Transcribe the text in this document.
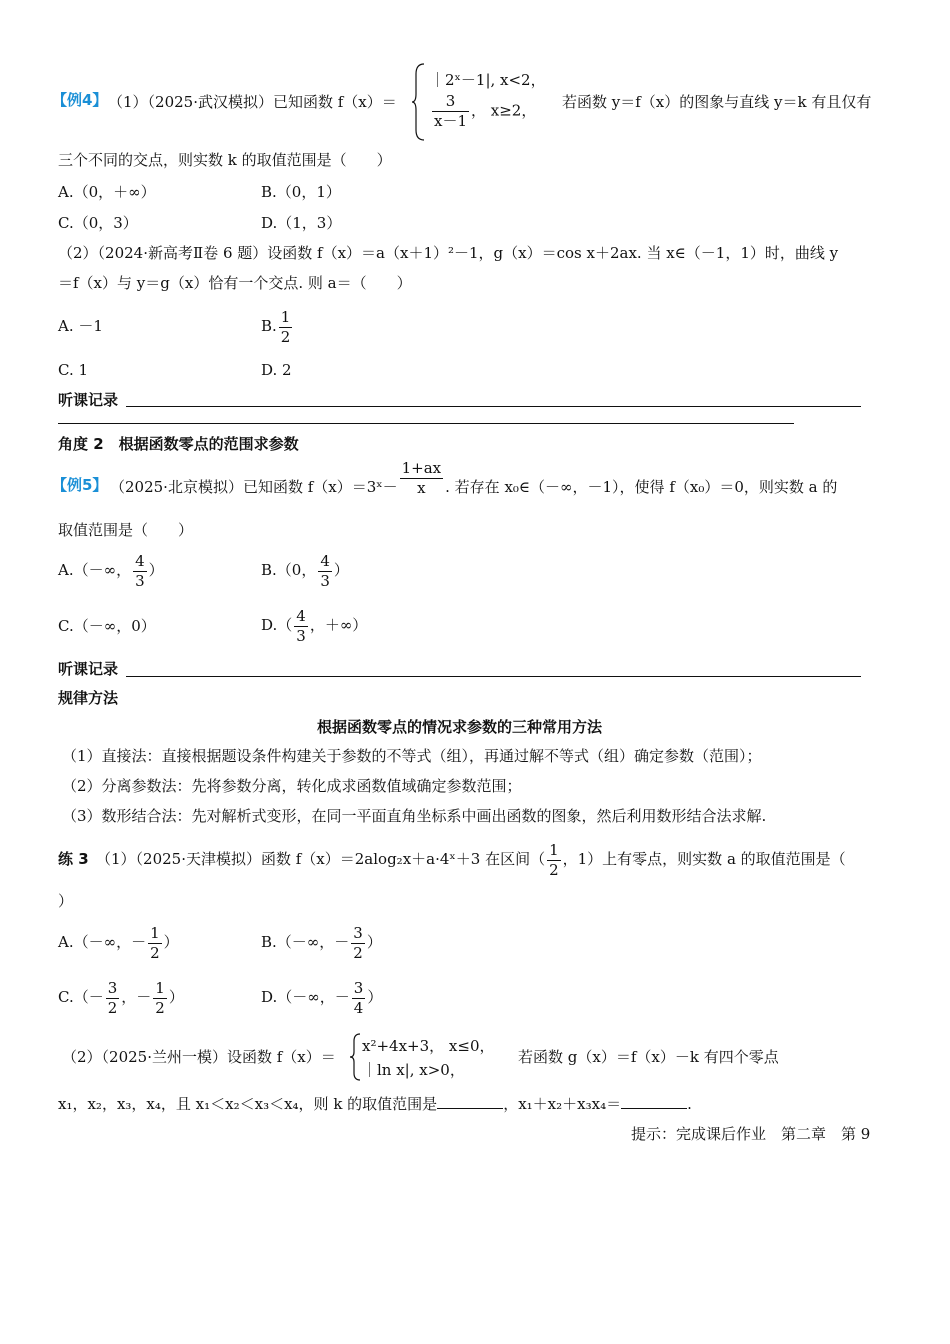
【例4】 （1）（2025·武汉模拟）已知函数 f（x）＝
｜2ˣ－1|, x<2，
$\frac{3}{x-1}$ ， x≥2， 若函数 y＝f（x）的图象与直线 y＝k 有且仅有
三个不同的交点，则实数 k 的取值范围是（　　）
A.（0，＋∞）	B.（0，1）
C.（0，3）	D.（1，3）
（2）（2024·新高考Ⅱ卷 6 题）设函数 f（x）＝a（x＋1）²－1，g（x）＝cos x＋2ax. 当 x∈（－1，1）时，曲线 y
＝f（x）与 y＝g（x）恰有一个交点. 则 a＝（　　）
A. －1	B. $\frac{1}{2}$
C. 1	D. 2
听课记录
角度 2　根据函数零点的范围求参数
【例5】 （2025·北京模拟）已知函数 f（x）＝3ˣ－ $\frac{1+ax}{x}$ . 若存在 x₀∈（－∞，－1），使得 f（x₀）＝0，则实数 a 的
取值范围是（　　）
A.（－∞， $\frac{4}{3}$ ）	B.（0， $\frac{4}{3}$ ）
C.（－∞，0）	$D.( \frac{4}{3}$ ，＋∞）
听课记录
规律方法
根据函数零点的情况求参数的三种常用方法
（1）直接法：直接根据题设条件构建关于参数的不等式（组），再通过解不等式（组）确定参数（范围）；
（2）分离参数法：先将参数分离，转化成求函数值域确定参数范围；
（3）数形结合法：先对解析式变形，在同一平面直角坐标系中画出函数的图象，然后利用数形结合法求解.
练 3 （1）（2025·天津模拟）函数 f（x）＝2alog₂x＋a·4ˣ＋3 在区间（ $\frac{1}{2}$ ，1）上有零点，则实数 a 的取值范围是（
）
A.（－∞，－ $\frac{1}{2}$ ）	B.（－∞，－ $\frac{3}{2}$ ）
$C.(- \frac{3}{2}$ ，－ $\frac{1}{2}$ ）	D.（－∞，－ $\frac{3}{4}$ ）
（2）（2025·兰州一模）设函数 f（x）＝
x²+4x+3， x≤0，
｜ln x|, x>0，
若函数 g（x）＝f（x）－k 有四个零点
x₁，x₂，x₃，x₄，且 x₁＜x₂＜x₃＜x₄，则 k 的取值范围是	，x₁＋x₂＋x₃x₄＝	.
提示：完成课后作业　第二章　第 9
